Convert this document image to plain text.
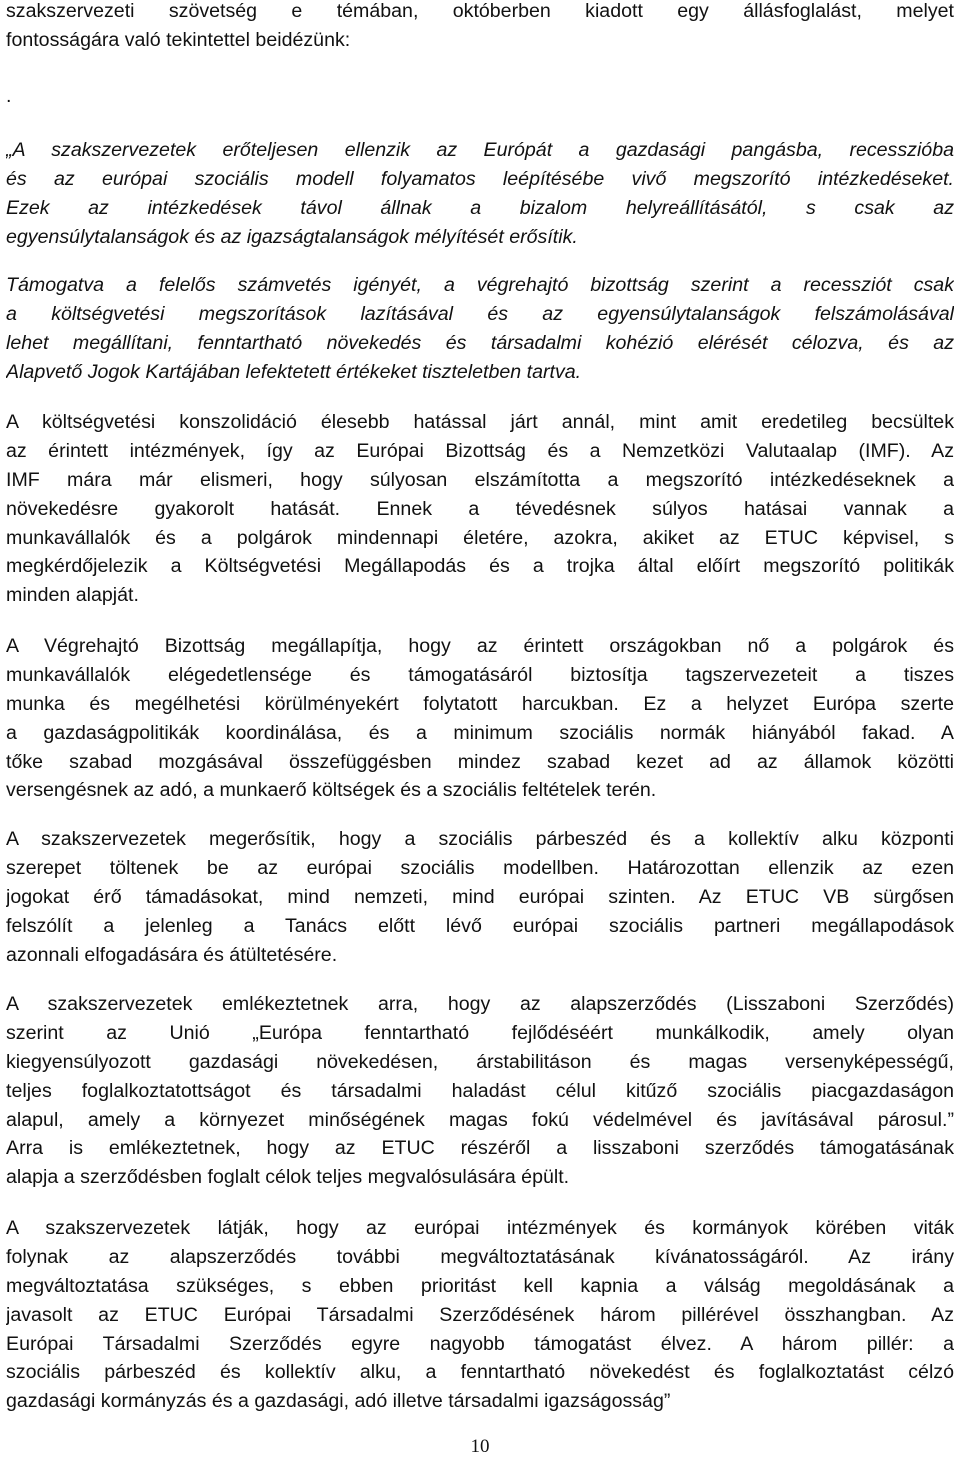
szakszervezeti szövetség e témában, októberben kiadott egy állásfoglalást, melyet
fontosságára való tekintettel beidézünk:
.
„A szakszervezetek erőteljesen ellenzik az Európát a gazdasági pangásba, recesszióba
és az európai szociális modell folyamatos leépítésébe vivő megszorító intézkedéseket.
Ezek az intézkedések távol állnak a bizalom helyreállításától, s csak az
egyensúlytalanságok és az igazságtalanságok mélyítését erősítik.
Támogatva a felelős számvetés igényét, a végrehajtó bizottság szerint a recessziót csak
a költségvetési megszorítások lazításával és az egyensúlytalanságok felszámolásával
lehet megállítani, fenntartható növekedés és társadalmi kohézió elérését célozva, és az
Alapvető Jogok Kartájában lefektetett értékeket tiszteletben tartva.
A költségvetési konszolidáció élesebb hatással járt annál, mint amit eredetileg becsültek
az érintett intézmények, így az Európai Bizottság és a Nemzetközi Valutaalap (IMF). Az
IMF mára már elismeri, hogy súlyosan elszámította a megszorító intézkedéseknek a
növekedésre gyakorolt hatását. Ennek a tévedésnek súlyos hatásai vannak a
munkavállalók és a polgárok mindennapi életére, azokra, akiket az ETUC képvisel, s
megkérdőjelezik a Költségvetési Megállapodás és a trojka által előírt megszorító politikák
minden alapját.
A Végrehajtó Bizottság megállapítja, hogy az érintett országokban nő a polgárok és
munkavállalók elégedetlensége és támogatásáról biztosítja tagszervezeteit a tiszes
munka és megélhetési körülményekért folytatott harcukban. Ez a helyzet Európa szerte
a gazdaságpolitikák koordinálása, és a minimum szociális normák hiányából fakad. A
tőke szabad mozgásával összefüggésben mindez szabad kezet ad az államok közötti
versengésnek az adó, a munkaerő költségek és a szociális feltételek terén.
A szakszervezetek megerősítik, hogy a szociális párbeszéd és a kollektív alku központi
szerepet töltenek be az európai szociális modellben. Határozottan ellenzik az ezen
jogokat érő támadásokat, mind nemzeti, mind európai szinten. Az ETUC VB sürgősen
felszólít a jelenleg a Tanács előtt lévő európai szociális partneri megállapodások
azonnali elfogadására és átültetésére.
A szakszervezetek emlékeztetnek arra, hogy az alapszerződés (Lisszaboni Szerződés)
szerint az Unió „Európa fenntartható fejlődéséért munkálkodik, amely olyan
kiegyensúlyozott gazdasági növekedésen, árstabilitáson és magas versenyképességű,
teljes foglalkoztatottságot és társadalmi haladást célul kitűző szociális piacgazdaságon
alapul, amely a környezet minőségének magas fokú védelmével és javításával párosul.”
Arra is emlékeztetnek, hogy az ETUC részéről a lisszaboni szerződés támogatásának
alapja a szerződésben foglalt célok teljes megvalósulására épült.
A szakszervezetek látják, hogy az európai intézmények és kormányok körében viták
folynak az alapszerződés további megváltoztatásának kívánatosságáról. Az irány
megváltoztatása szükséges, s ebben prioritást kell kapnia a válság megoldásának a
javasolt az ETUC Európai Társadalmi Szerződésének három pillérével összhangban. Az
Európai Társadalmi Szerződés egyre nagyobb támogatást élvez. A három pillér: a
szociális párbeszéd és kollektív alku, a fenntartható növekedést és foglalkoztatást célzó
gazdasági kormányzás és a gazdasági, adó illetve társadalmi igazságosság”
10
